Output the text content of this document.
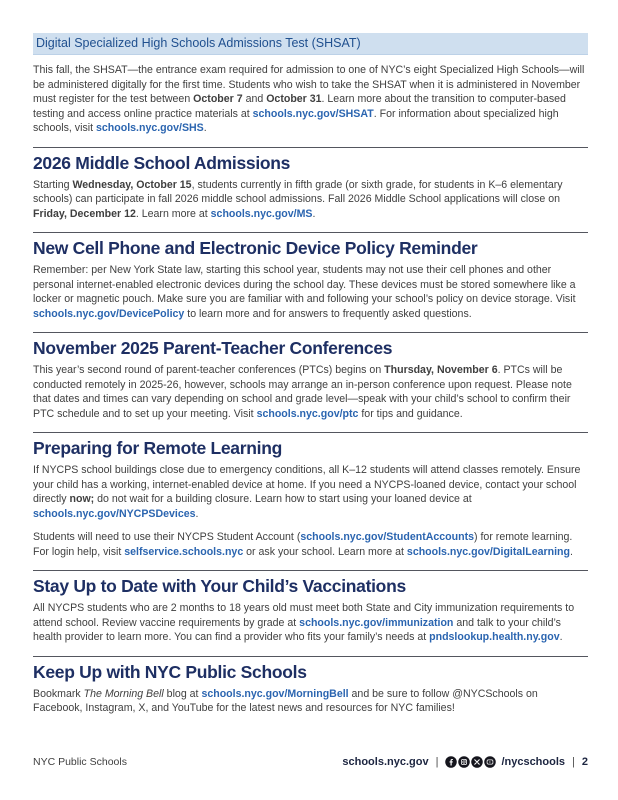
Digital Specialized High Schools Admissions Test (SHSAT)

This fall, the SHSAT—the entrance exam required for admission to one of NYC’s eight Specialized High Schools—will be administered digitally for the first time. Students who wish to take the SHSAT when it is administered in November must register for the test between October 7 and October 31. Learn more about the transition to computer-based testing and access online practice materials at schools.nyc.gov/SHSAT. For information about specialized high schools, visit schools.nyc.gov/SHS.

2026 Middle School Admissions

Starting Wednesday, October 15, students currently in fifth grade (or sixth grade, for students in K–6 elementary schools) can participate in fall 2026 middle school admissions. Fall 2026 Middle School applications will close on Friday, December 12. Learn more at schools.nyc.gov/MS.

New Cell Phone and Electronic Device Policy Reminder

Remember: per New York State law, starting this school year, students may not use their cell phones and other personal internet-enabled electronic devices during the school day. These devices must be stored somewhere like a locker or magnetic pouch. Make sure you are familiar with and following your school’s policy on device storage. Visit schools.nyc.gov/DevicePolicy to learn more and for answers to frequently asked questions.

November 2025 Parent-Teacher Conferences

This year’s second round of parent-teacher conferences (PTCs) begins on Thursday, November 6. PTCs will be conducted remotely in 2025-26, however, schools may arrange an in-person conference upon request. Please note that dates and times can vary depending on school and grade level—speak with your child’s school to confirm their PTC schedule and to set up your meeting. Visit schools.nyc.gov/ptc for tips and guidance.

Preparing for Remote Learning

If NYCPS school buildings close due to emergency conditions, all K–12 students will attend classes remotely. Ensure your child has a working, internet-enabled device at home. If you need a NYCPS-loaned device, contact your school directly now; do not wait for a building closure. Learn how to start using your loaned device at schools.nyc.gov/NYCPSDevices.

Students will need to use their NYCPS Student Account (schools.nyc.gov/StudentAccounts) for remote learning. For login help, visit selfservice.schools.nyc or ask your school. Learn more at schools.nyc.gov/DigitalLearning.

Stay Up to Date with Your Child’s Vaccinations

All NYCPS students who are 2 months to 18 years old must meet both State and City immunization requirements to attend school. Review vaccine requirements by grade at schools.nyc.gov/immunization and talk to your child’s health provider to learn more. You can find a provider who fits your family’s needs at pndslookup.health.ny.gov.

Keep Up with NYC Public Schools

Bookmark The Morning Bell blog at schools.nyc.gov/MorningBell and be sure to follow @NYCSchools on Facebook, Instagram, X, and YouTube for the latest news and resources for NYC families!

NYC Public Schools	schools.nyc.gov |	/nycschools | 2
